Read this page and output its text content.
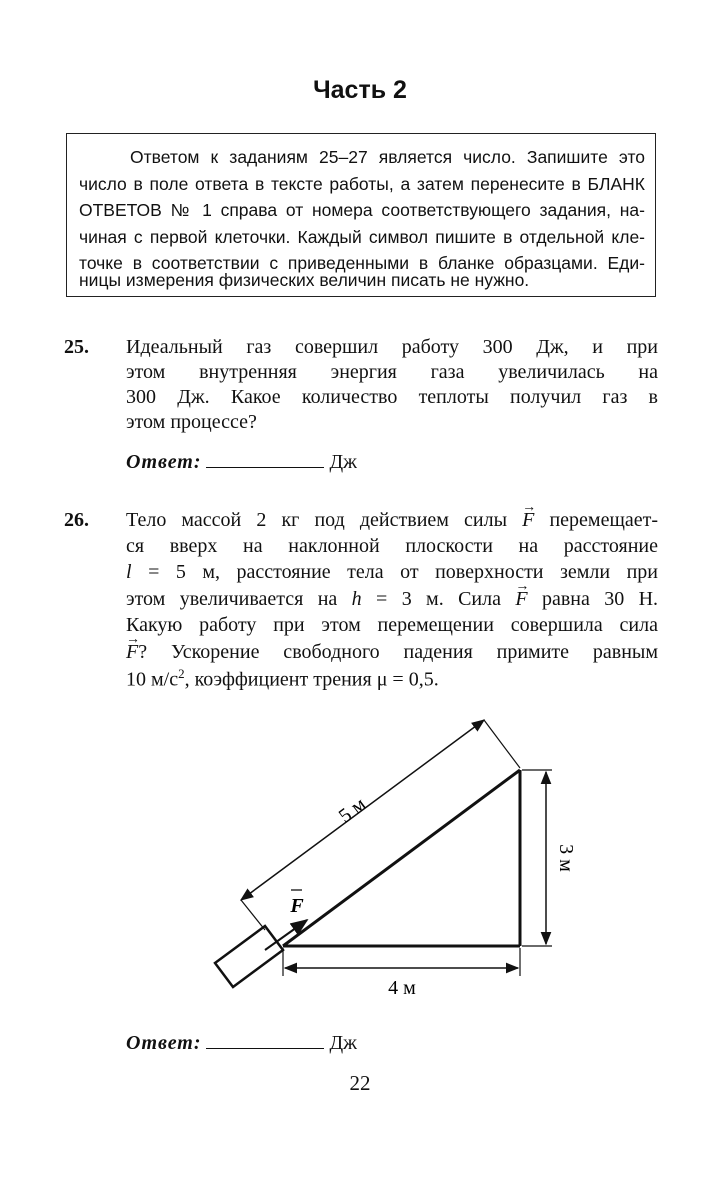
Часть 2
Ответом к заданиям 25–27 является число. Запишите это
число в поле ответа в тексте работы, а затем перенесите в БЛАНК
ОТВЕТОВ № 1 справа от номера соответствующего задания, на-
чиная с первой клеточки. Каждый символ пишите в отдельной кле-
точке в соответствии с приведенными в бланке образцами. Еди-
ницы измерения физических величин писать не нужно.
25. Идеальный газ совершил работу 300 Дж, и при
этом внутренняя энергия газа увеличилась на
300 Дж. Какое количество теплоты получил газ в
этом процессе?
Ответ:	Дж
26. Тело массой 2 кг под действием силы → F перемещает-
ся вверх на наклонной плоскости на расстояние
l = 5 м, расстояние тела от поверхности земли при
этом увеличивается на h = 3 м. Сила → F равна 30 Н.
Какую работу при этом перемещении совершила сила
→ F? Ускорение свободного падения примите равным
10 $м/с^2$, коэффициент трения μ = 0,5.
5 м
3 м
4 м
F
Ответ:	Дж
22
